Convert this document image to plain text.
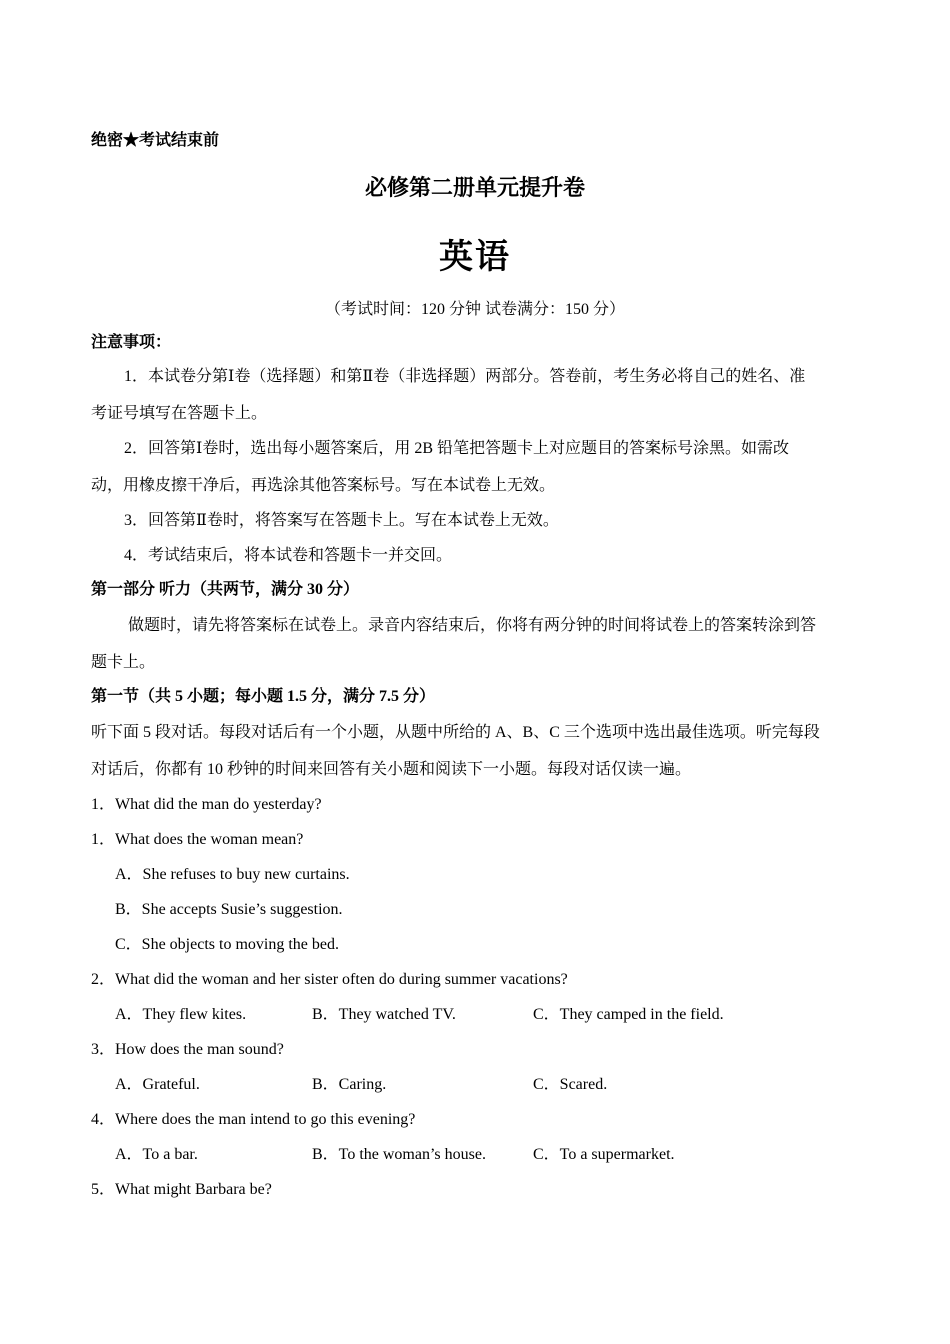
绝密★考试结束前
必修第二册单元提升卷
英语
（考试时间：120 分钟 试卷满分：150 分）
注意事项：
1．本试卷分第Ⅰ卷（选择题）和第Ⅱ卷（非选择题）两部分。答卷前，考生务必将自己的姓名、准
考证号填写在答题卡上。
2．回答第Ⅰ卷时，选出每小题答案后，用 2B 铅笔把答题卡上对应题目的答案标号涂黑。如需改
动，用橡皮擦干净后，再选涂其他答案标号。写在本试卷上无效。
3．回答第Ⅱ卷时，将答案写在答题卡上。写在本试卷上无效。
4．考试结束后，将本试卷和答题卡一并交回。
第一部分 听力（共两节，满分 30 分）
做题时，请先将答案标在试卷上。录音内容结束后，你将有两分钟的时间将试卷上的答案转涂到答
题卡上。
第一节（共 5 小题；每小题 1.5 分，满分 7.5 分）
听下面 5 段对话。每段对话后有一个小题，从题中所给的 A、B、C 三个选项中选出最佳选项。听完每段
对话后，你都有 10 秒钟的时间来回答有关小题和阅读下一小题。每段对话仅读一遍。
1．What did the man do yesterday?
1．What does the woman mean?
A．She refuses to buy new curtains.
B．She accepts Susie’s suggestion.
C．She objects to moving the bed.
2．What did the woman and her sister often do during summer vacations?
A．They flew kites.	B．They watched TV.	C．They camped in the field.
3．How does the man sound?
A．Grateful.	B．Caring.	C．Scared.
4．Where does the man intend to go this evening?
A．To a bar.	B．To the woman’s house.	C．To a supermarket.
5．What might Barbara be?
